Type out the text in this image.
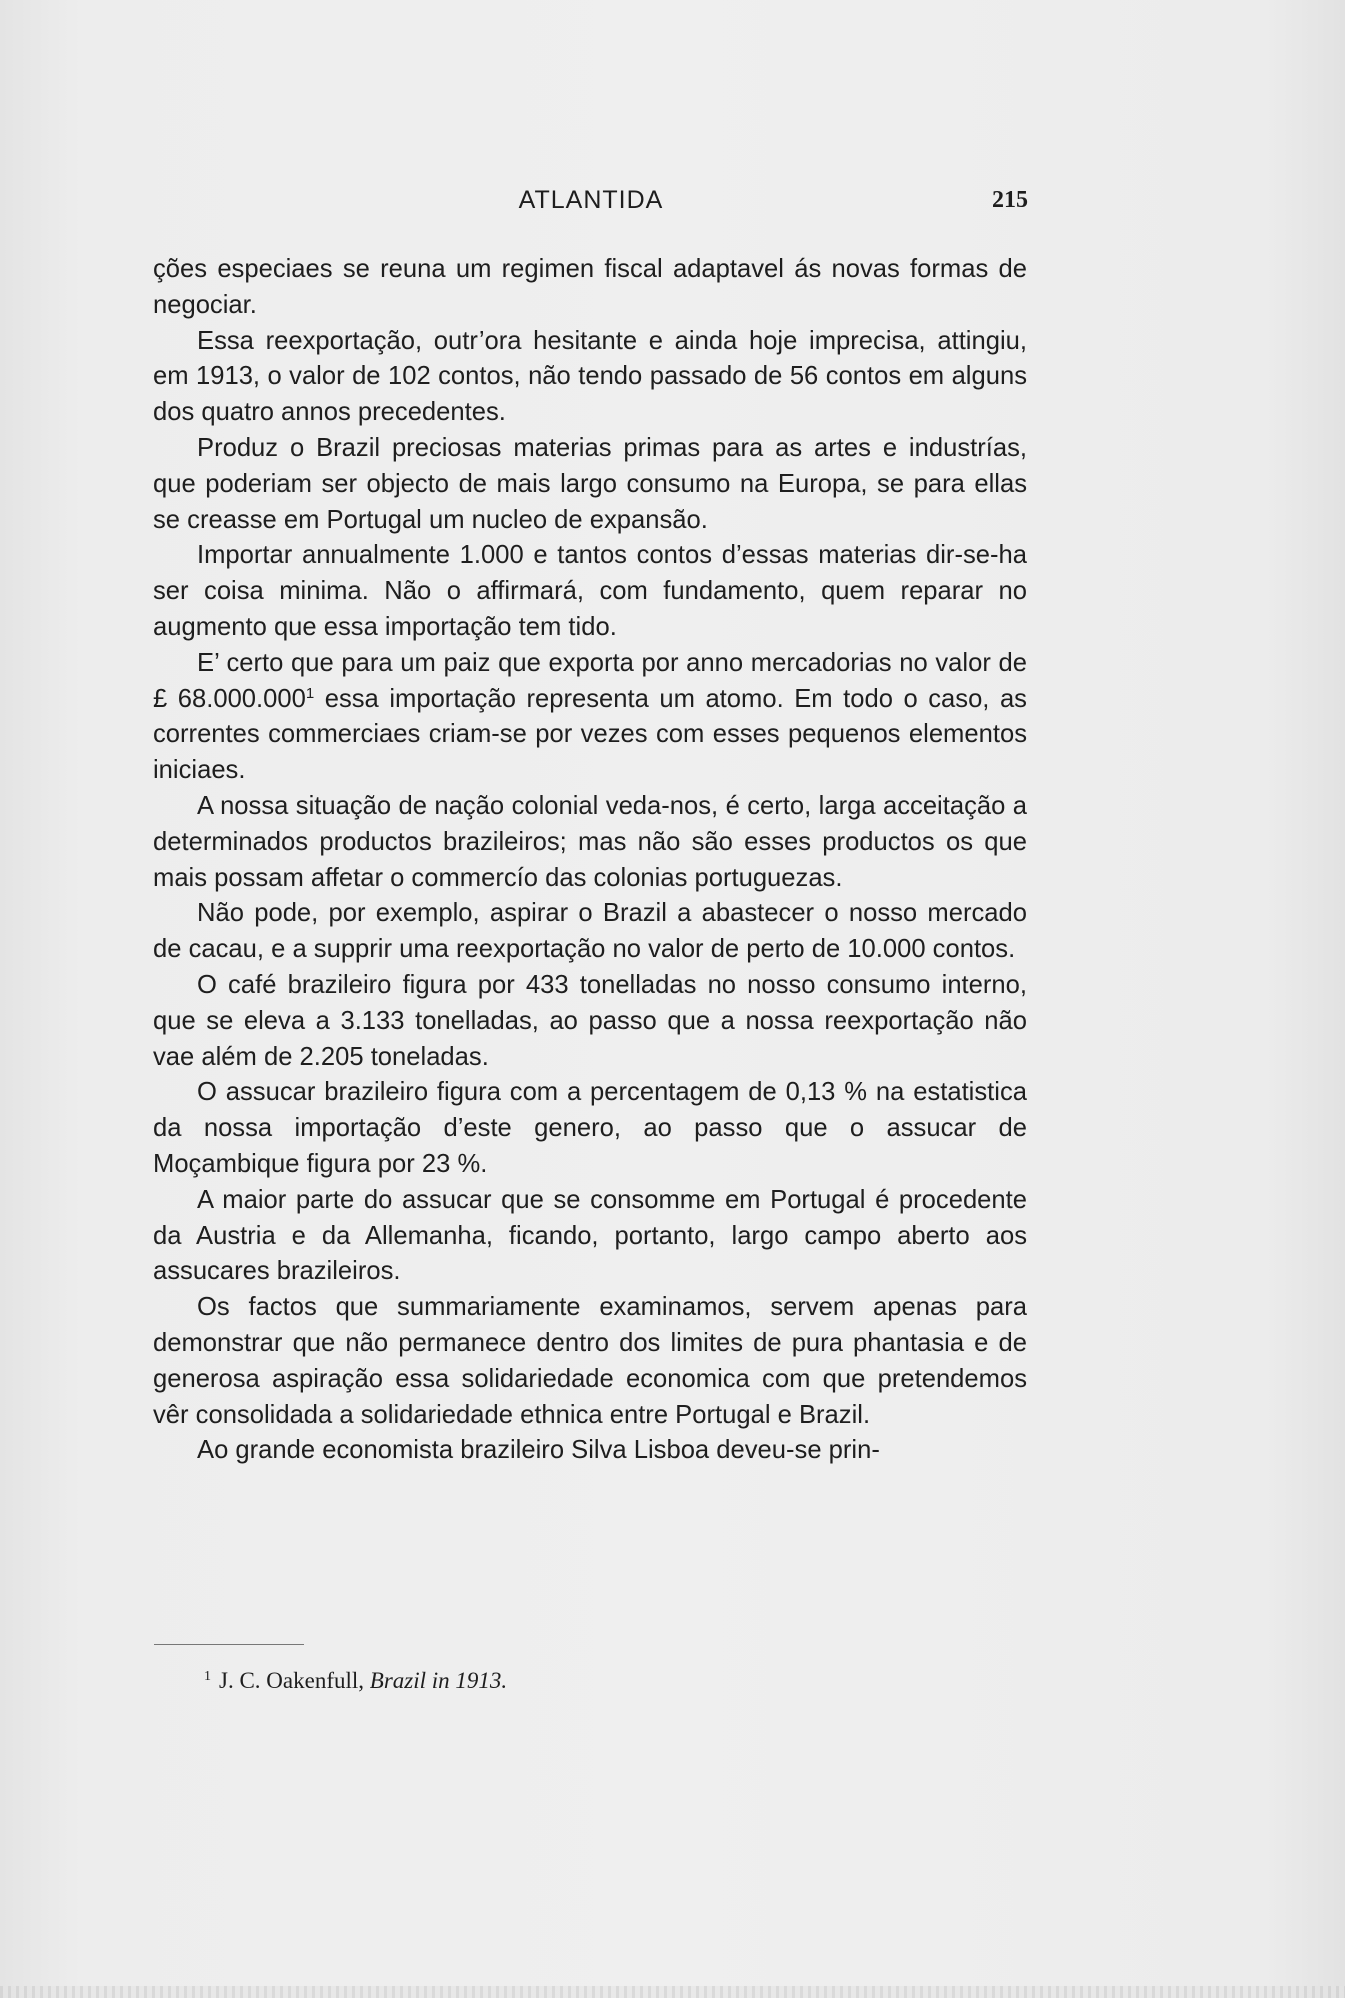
ATLANTIDA	215

ções especiaes se reuna um regimen fiscal adaptavel ás novas formas de negociar.

Essa reexportação, outr’ora hesitante e ainda hoje imprecisa, attingiu, em 1913, o valor de 102 contos, não tendo passado de 56 contos em alguns dos quatro annos precedentes.

Produz o Brazil preciosas materias primas para as artes e industrías, que poderiam ser objecto de mais largo consumo na Europa, se para ellas se creasse em Portugal um nucleo de expansão.

Importar annualmente 1.000 e tantos contos d’essas materias dir-se-ha ser coisa minima. Não o affirmará, com fundamento, quem reparar no augmento que essa importação tem tido.

E’ certo que para um paiz que exporta por anno mercadorias no valor de £ 68.000.000$^1$ essa importação representa um atomo. Em todo o caso, as correntes commerciaes criam-se por vezes com esses pequenos elementos iniciaes.

A nossa situação de nação colonial veda-nos, é certo, larga acceitação a determinados productos brazileiros; mas não são esses productos os que mais possam affetar o commercío das colonias portuguezas.

Não pode, por exemplo, aspirar o Brazil a abastecer o nosso mercado de cacau, e a supprir uma reexportação no valor de perto de 10.000 contos.

O café brazileiro figura por 433 tonelladas no nosso consumo interno, que se eleva a 3.133 tonelladas, ao passo que a nossa reexportação não vae além de 2.205 toneladas.

O assucar brazileiro figura com a percentagem de 0,13 % na estatistica da nossa importação d’este genero, ao passo que o assucar de Moçambique figura por 23 %.

A maior parte do assucar que se consomme em Portugal é procedente da Austria e da Allemanha, ficando, portanto, largo campo aberto aos assucares brazileiros.

Os factos que summariamente examinamos, servem apenas para demonstrar que não permanece dentro dos limites de pura phantasia e de generosa aspiração essa solidariedade economica com que pretendemos vêr consolidada a solidariedade ethnica entre Portugal e Brazil.

Ao grande economista brazileiro Silva Lisboa deveu-se prin-

$^1$ J. C. Oakenfull, Brazil in 1913.
